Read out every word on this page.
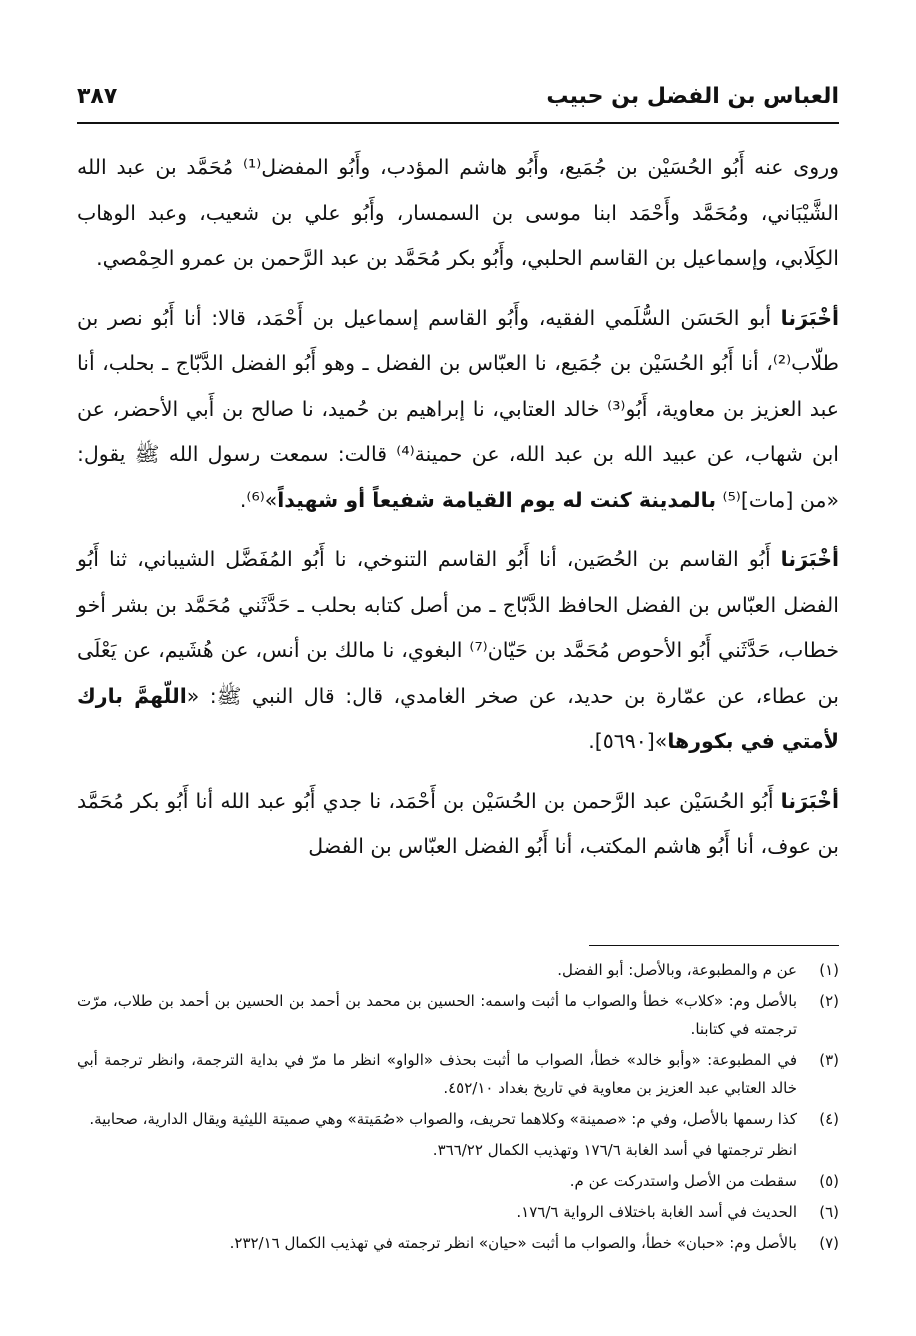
العباس بن الفضل بن حبيب
٣٨٧

وروى عنه أَبُو الحُسَيْن بن جُمَيع، وأَبُو هاشم المؤدب، وأَبُو المفضل⁽¹⁾ مُحَمَّد بن عبد الله الشَّيْبَاني، ومُحَمَّد وأَحْمَد ابنا موسى بن السمسار، وأَبُو علي بن شعيب، وعبد الوهاب الكِلَابي، وإسماعيل بن القاسم الحلبي، وأَبُو بكر مُحَمَّد بن عبد الرَّحمن بن عمرو الحِمْصي.

أخْبَرَنا أبو الحَسَن السُّلَمي الفقيه، وأَبُو القاسم إسماعيل بن أَحْمَد، قالا: أنا أَبُو نصر بن طلّاب⁽²⁾، أنا أَبُو الحُسَيْن بن جُمَيع، نا العبّاس بن الفضل ـ وهو أَبُو الفضل الدَّبّاج ـ بحلب، أنا عبد العزيز بن معاوية، أَبُو⁽³⁾ خالد العتابي، نا إبراهيم بن حُميد، نا صالح بن أَبي الأحضر، عن ابن شهاب، عن عبيد الله بن عبد الله، عن حمينة⁽⁴⁾ قالت: سمعت رسول الله ﷺ يقول: «من [مات]⁽⁵⁾ بالمدينة كنت له يوم القيامة شفيعاً أو شهيداً»⁽⁶⁾.

أخْبَرَنا أَبُو القاسم بن الحُصَين، أنا أَبُو القاسم التنوخي، نا أَبُو المُفَضَّل الشيباني، ثنا أَبُو الفضل العبّاس بن الفضل الحافظ الدَّبّاج ـ من أصل كتابه بحلب ـ حَدَّثَني مُحَمَّد بن بشر أخو خطاب، حَدَّثَني أَبُو الأحوص مُحَمَّد بن حَيّان⁽⁷⁾ البغوي، نا مالك بن أنس، عن هُشَيم، عن يَعْلَى بن عطاء، عن عمّارة بن حديد، عن صخر الغامدي، قال: قال النبي ﷺ: «اللّهمَّ بارك لأمتي في بكورها»[٥٦٩٠].

أخْبَرَنا أَبُو الحُسَيْن عبد الرَّحمن بن الحُسَيْن بن أَحْمَد، نا جدي أَبُو عبد الله أنا أَبُو بكر مُحَمَّد بن عوف، أنا أَبُو هاشم المكتب، أنا أَبُو الفضل العبّاس بن الفضل

(١)
عن م والمطبوعة، وبالأصل: أبو الفضل.
(٢)
بالأصل وم: «كلاب» خطأ والصواب ما أثبت واسمه: الحسين بن محمد بن أحمد بن الحسين بن أحمد بن طلاب، مرّت ترجمته في كتابنا.
(٣)
في المطبوعة: «وأبو خالد» خطأ، الصواب ما أثبت بحذف «الواو» انظر ما مرّ في بداية الترجمة، وانظر ترجمة أبي خالد العتابي عبد العزيز بن معاوية في تاريخ بغداد ٤٥٢/١٠.
(٤)
كذا رسمها بالأصل، وفي م: «صمينة» وكلاهما تحريف، والصواب «صُمَيتة» وهي صميتة الليثية ويقال الدارية، صحابية.
انظر ترجمتها في أسد الغابة ١٧٦/٦ وتهذيب الكمال ٣٦٦/٢٢.
(٥)
سقطت من الأصل واستدركت عن م.
(٦)
الحديث في أسد الغابة باختلاف الرواية ١٧٦/٦.
(٧)
بالأصل وم: «حبان» خطأ، والصواب ما أثبت «حيان» انظر ترجمته في تهذيب الكمال ٢٣٢/١٦.
